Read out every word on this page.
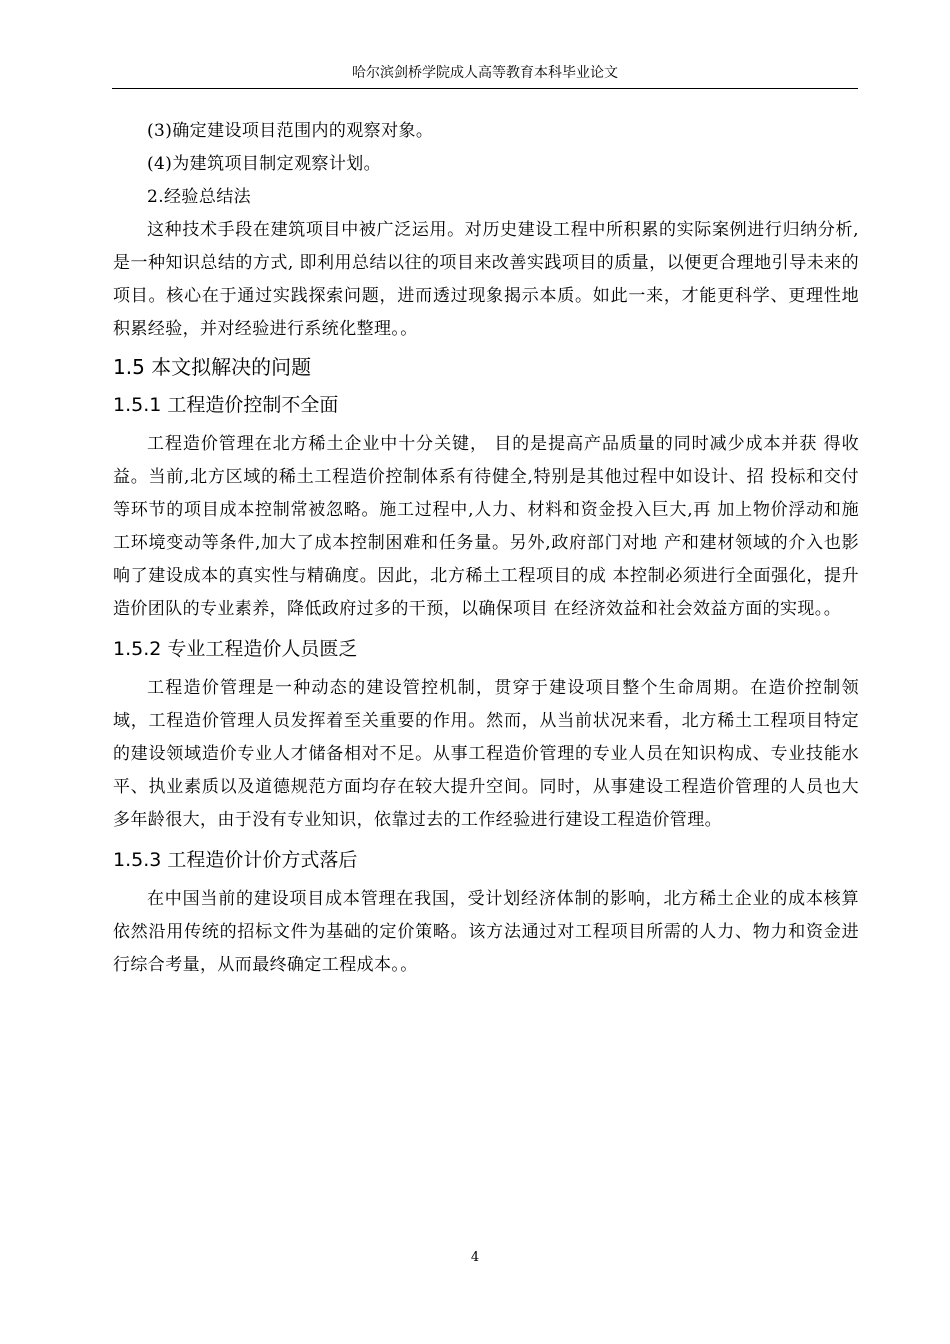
哈尔滨剑桥学院成人高等教育本科毕业论文

(3)确定建设项目范围内的观察对象。

(4)为建筑项目制定观察计划。

2.经验总结法

这种技术手段在建筑项目中被广泛运用。对历史建设工程中所积累的实际案例进行归纳分析,是一种知识总结的方式, 即利用总结以往的项目来改善实践项目的质量，以便更合理地引导未来的项目。核心在于通过实践探索问题，进而透过现象揭示本质。如此一来，才能更科学、更理性地积累经验，并对经验进行系统化整理。。

1.5 本文拟解决的问题
1.5.1 工程造价控制不全面

工程造价管理在北方稀土企业中十分关键， 目的是提高产品质量的同时减少成本并获 得收益。当前,北方区域的稀土工程造价控制体系有待健全,特别是其他过程中如设计、招 投标和交付等环节的项目成本控制常被忽略。施工过程中,人力、材料和资金投入巨大,再 加上物价浮动和施工环境变动等条件,加大了成本控制困难和任务量。另外,政府部门对地 产和建材领域的介入也影响了建设成本的真实性与精确度。因此，北方稀土工程项目的成 本控制必须进行全面强化，提升造价团队的专业素养，降低政府过多的干预，以确保项目 在经济效益和社会效益方面的实现。。

1.5.2 专业工程造价人员匮乏

工程造价管理是一种动态的建设管控机制，贯穿于建设项目整个生命周期。在造价控制领域，工程造价管理人员发挥着至关重要的作用。然而，从当前状况来看，北方稀土工程项目特定的建设领域造价专业人才储备相对不足。从事工程造价管理的专业人员在知识构成、专业技能水平、执业素质以及道德规范方面均存在较大提升空间。同时，从事建设工程造价管理的人员也大多年龄很大，由于没有专业知识，依靠过去的工作经验进行建设工程造价管理。

1.5.3 工程造价计价方式落后

在中国当前的建设项目成本管理在我国，受计划经济体制的影响，北方稀土企业的成本核算依然沿用传统的招标文件为基础的定价策略。该方法通过对工程项目所需的人力、物力和资金进行综合考量，从而最终确定工程成本。。

4
